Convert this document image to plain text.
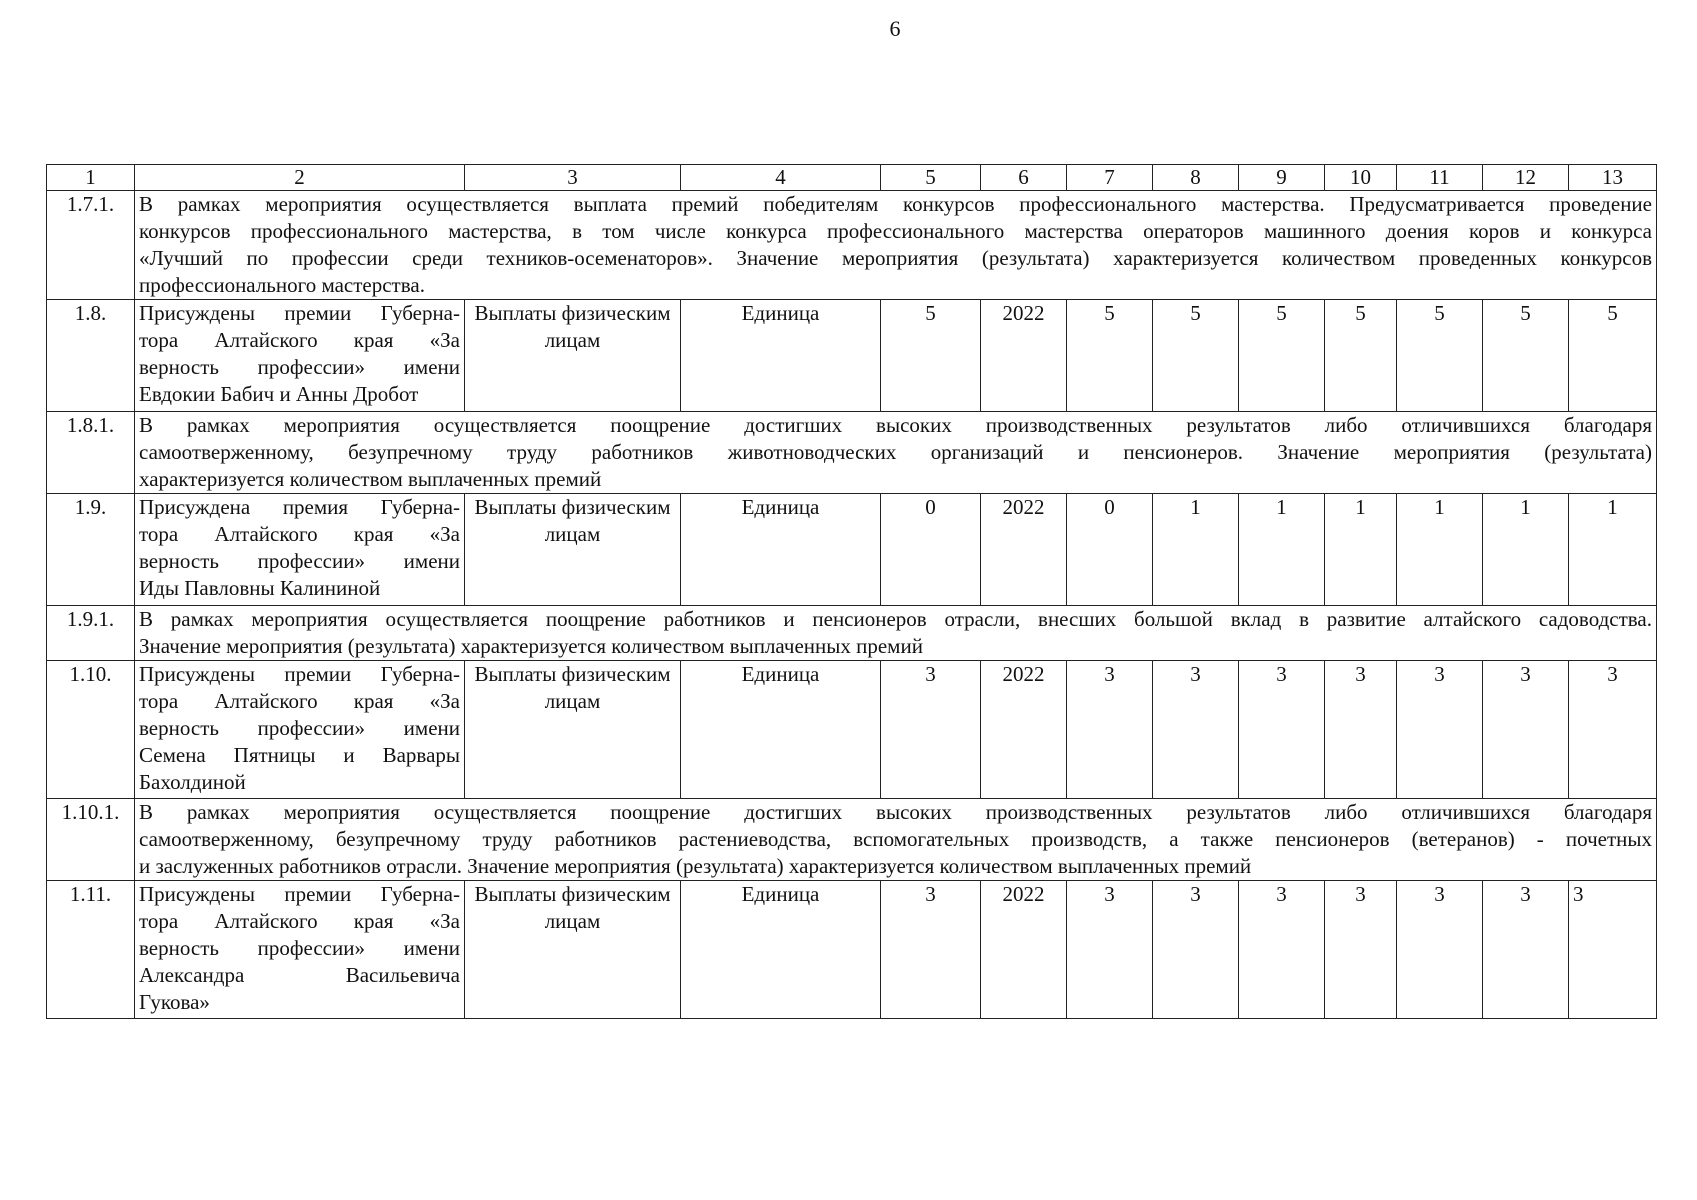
6
1	2	3	4	5	6	7	8	9	10	11	12	13
1.7.1.	В рамках мероприятия осуществляется выплата премий победителям конкурсов профессионального мастерства. Предусматривается проведение
конкурсов профессионального мастерства, в том числе конкурса профессионального мастерства операторов машинного доения коров и конкурса
«Лучший по профессии среди техников-осеменаторов». Значение мероприятия (результата) характеризуется количеством проведенных конкурсов
профессионального мастерства.											

1.8.	Присуждены премии Губерна-
тора Алтайского края «За
верность профессии» имени
Евдокии Бабич и Анны Дробот	Выплаты физическим лицам	Единица	5	2022	5	5	5	5	5	5	5
1.8.1.	В рамках мероприятия осуществляется поощрение достигших высоких производственных результатов либо отличившихся благодаря
самоотверженному, безупречному труду работников животноводческих организаций и пенсионеров. Значение мероприятия (результата)
характеризуется количеством выплаченных премий											

1.9.	Присуждена премия Губерна-
тора Алтайского края «За
верность профессии» имени
Иды Павловны Калининой	Выплаты физическим лицам	Единица	0	2022	0	1	1	1	1	1	1
1.9.1.	В рамках мероприятия осуществляется поощрение работников и пенсионеров отрасли, внесших большой вклад в развитие алтайского садоводства.
Значение мероприятия (результата) характеризуется количеством выплаченных премий											

1.10.	Присуждены премии Губерна-
тора Алтайского края «За
верность профессии» имени
Семена Пятницы и Варвары
Бахолдиной	Выплаты физическим лицам	Единица	3	2022	3	3	3	3	3	3	3
1.10.1.	В рамках мероприятия осуществляется поощрение достигших высоких производственных результатов либо отличившихся благодаря
самоотверженному, безупречному труду работников растениеводства, вспомогательных производств, а также пенсионеров (ветеранов) - почетных
и заслуженных работников отрасли. Значение мероприятия (результата) характеризуется количеством выплаченных премий											

1.11.	Присуждены премии Губерна-
тора Алтайского края «За
верность профессии» имени
Александра Васильевича
Гукова»	Выплаты физическим лицам	Единица	3	2022	3	3	3	3	3	3	3
